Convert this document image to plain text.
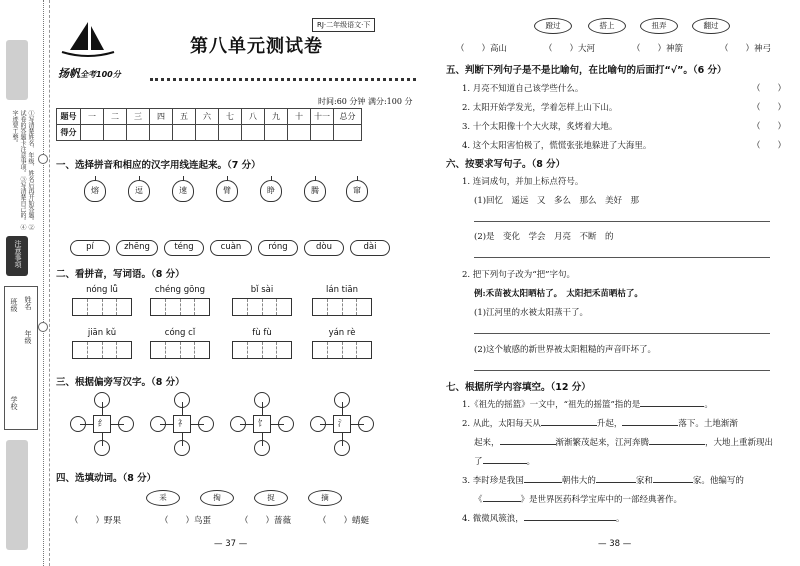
①写清楚姓名、年级、姓名后再开始答题。②试卷的答题卡注意事项。③写清楚自己的。④字迹要工整。
注意事项
学校
年级
姓名
班级
扬帆全考100分
RJ·二年级语文·下
第八单元测试卷
时间:60 分钟 满分:100 分
题号	一	二	三	四	五	六	七	八	九	十	十一	总分
得分												
一、选择拼音和相应的汉字用线连起来。（7 分）
熔	逗	速	臂	睁	腾	窜
pí	zhēng	téng	cuàn	róng	dòu	dài
二、看拼音，写词语。（8 分）
nóng lǚ	chéng gōng	bǐ sài	lán tiān
jiān kǔ	cóng cǐ	fù fù	yán rè
三、根据偏旁写汉字。（8 分）
纟	礻	饣	氵
四、选填动词。（8 分）
采	掏	捉	摘
（　　）野果	（　　）鸟蛋	（　　）蔷薇	（　　）蜻蜓
— 37 —
蹬过	搭上	扭弄	翻过
（　　）高山	（　　）大河	（　　）神箭	（　　）神弓
五、判断下列句子是不是比喻句，在比喻句的后面打“√”。（6 分）
1. 月亮不知道自己该学些什么。
2. 太阳开始学发光，学着怎样上山下山。
3. 十个太阳像十个大火球，炙烤着大地。
4. 这个太阳害怕极了，慌慌张张地躲进了大海里。
（　　）
（　　）
（　　）
（　　）
六、按要求写句子。（8 分）
1. 连词成句，并加上标点符号。
(1)回忆　遥远　又　多么　那么　美好　那
(2)是　变化　学会　月亮　不断　的
2. 把下列句子改为“把”字句。
例:禾苗被太阳晒枯了。　太阳把禾苗晒枯了。
(1)江河里的水被太阳蒸干了。
(2)这个敏感的新世界被太阳粗糙的声音吓坏了。
七、根据所学内容填空。（12 分）
1.《祖先的摇篮》一文中，“祖先的摇篮”指的是	。
2. 从此，太阳每天从	升起，	落下。土地渐渐
起来，	渐渐繁茂起来，江河奔腾	，大地上重新现出
了	。
3. 李时珍是我国	朝伟大的	家和	家。他编写的
《	》是世界医药科学宝库中的一部经典著作。
4. 微微风簇浪，	。
— 38 —
